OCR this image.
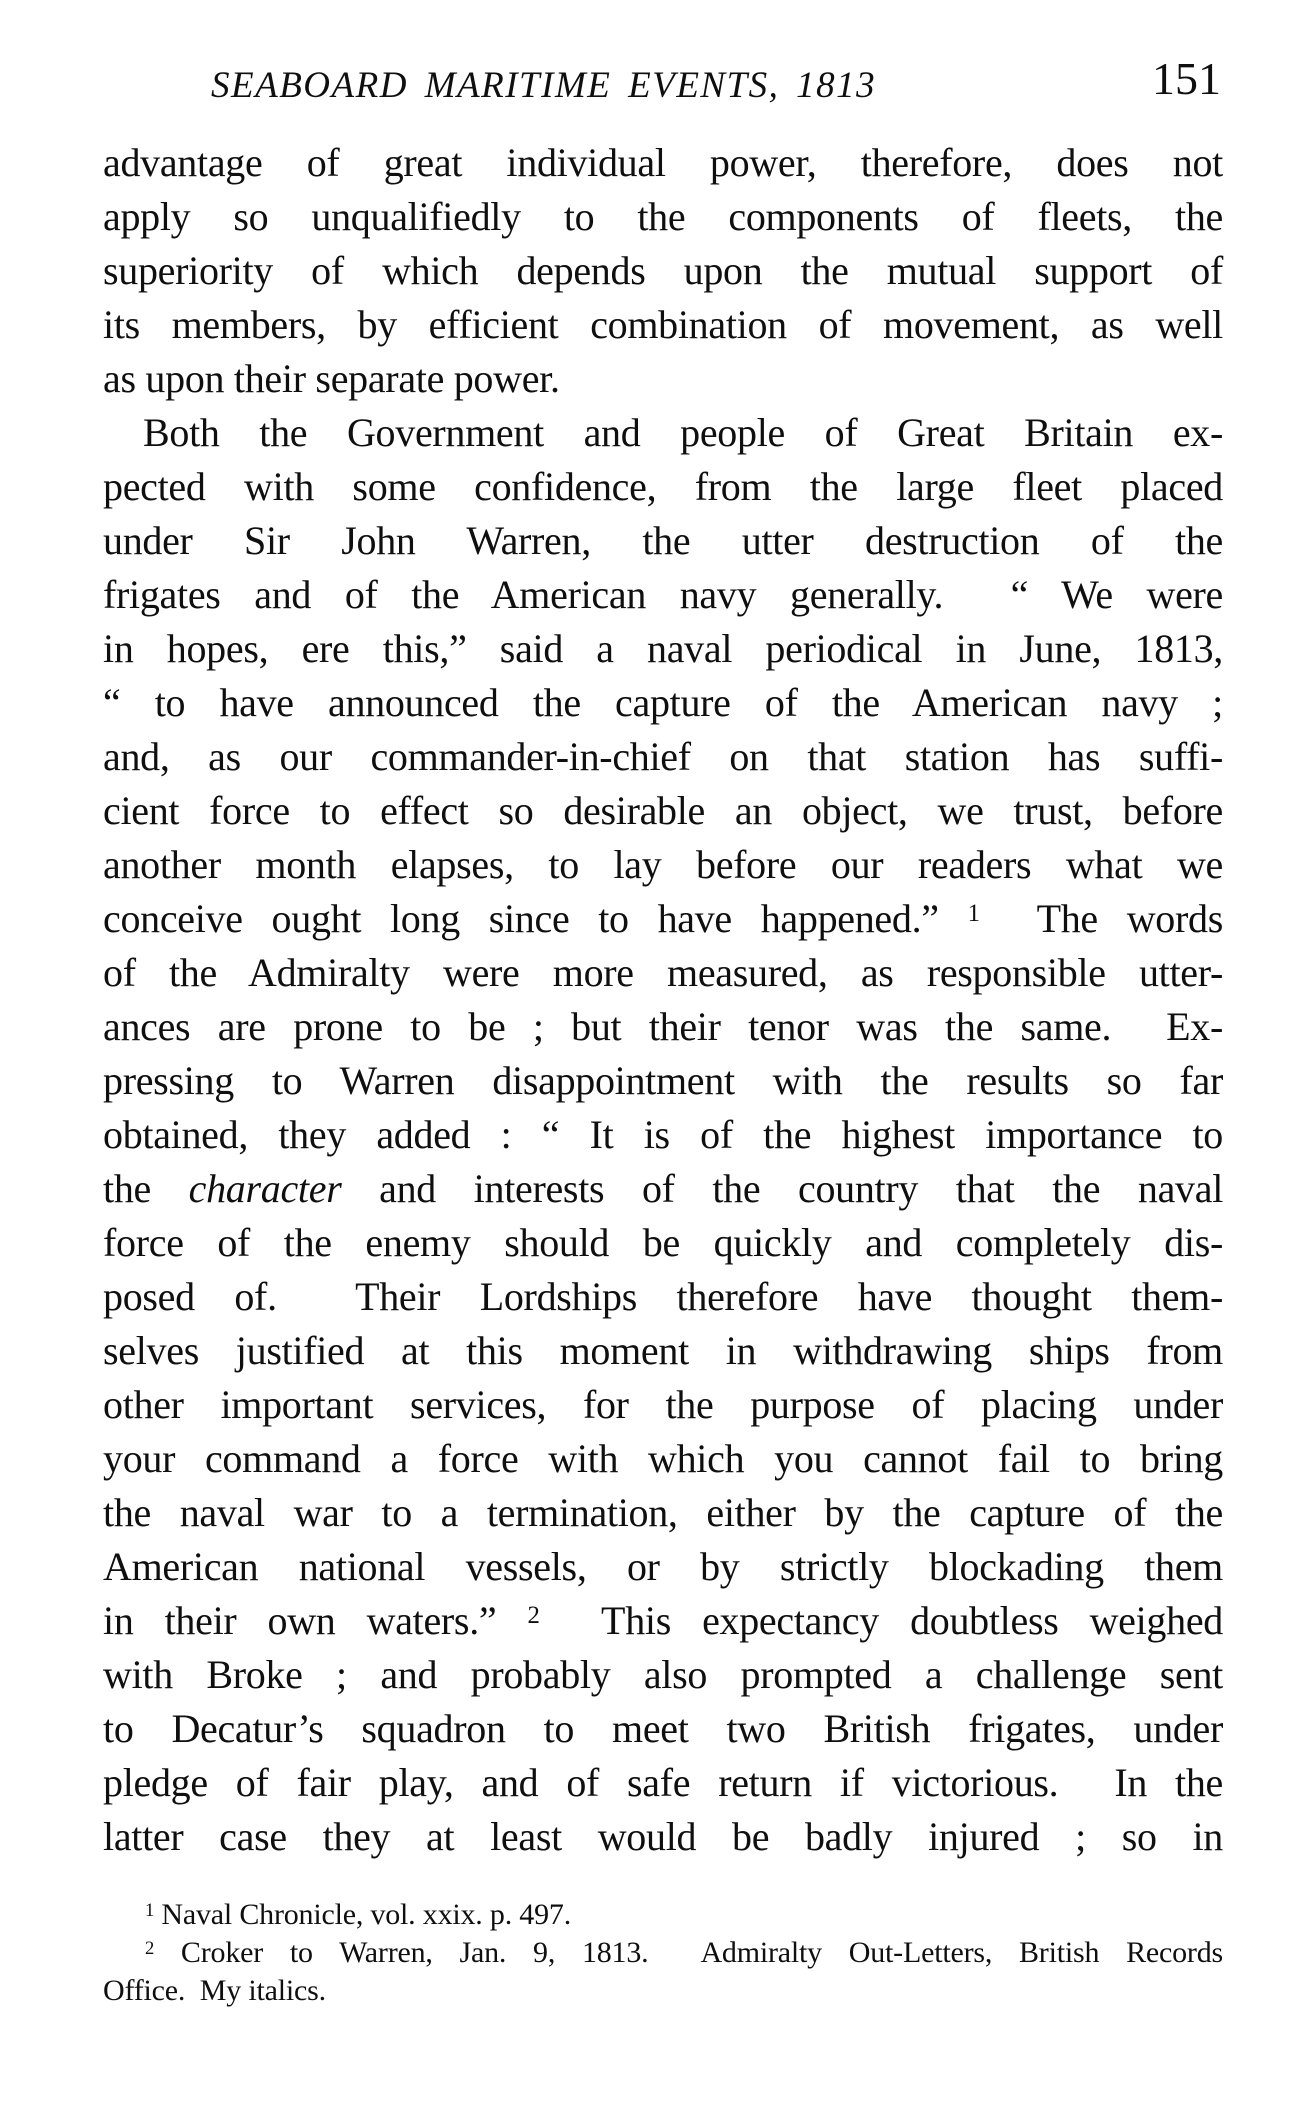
SEABOARD MARITIME EVENTS, 1813	151
advantage of great individual power, therefore, does not
apply so unqualifiedly to the components of fleets, the
superiority of which depends upon the mutual support of
its members, by efficient combination of movement, as well
as upon their separate power.
Both the Government and people of Great Britain ex-
pected with some confidence, from the large fleet placed
under Sir John Warren, the utter destruction of the
frigates and of the American navy generally.  “ We were
in hopes, ere this,” said a naval periodical in June, 1813,
“ to have announced the capture of the American navy ;
and, as our commander-in-chief on that station has suffi-
cient force to effect so desirable an object, we trust, before
another month elapses, to lay before our readers what we
conceive ought long since to have happened.” $^1$  The words
of the Admiralty were more measured, as responsible utter-
ances are prone to be ; but their tenor was the same.  Ex-
pressing to Warren disappointment with the results so far
obtained, they added : “ It is of the highest importance to
the character and interests of the country that the naval
force of the enemy should be quickly and completely dis-
posed of.  Their Lordships therefore have thought them-
selves justified at this moment in withdrawing ships from
other important services, for the purpose of placing under
your command a force with which you cannot fail to bring
the naval war to a termination, either by the capture of the
American national vessels, or by strictly blockading them
in their own waters.” $^2$  This expectancy doubtless weighed
with Broke ; and probably also prompted a challenge sent
to Decatur’s squadron to meet two British frigates, under
pledge of fair play, and of safe return if victorious.  In the
latter case they at least would be badly injured ; so in
$^1$ Naval Chronicle, vol. xxix. p. 497.
$^2$ Croker to Warren, Jan. 9, 1813.  Admiralty Out-Letters, British Records
Office.  My italics.
